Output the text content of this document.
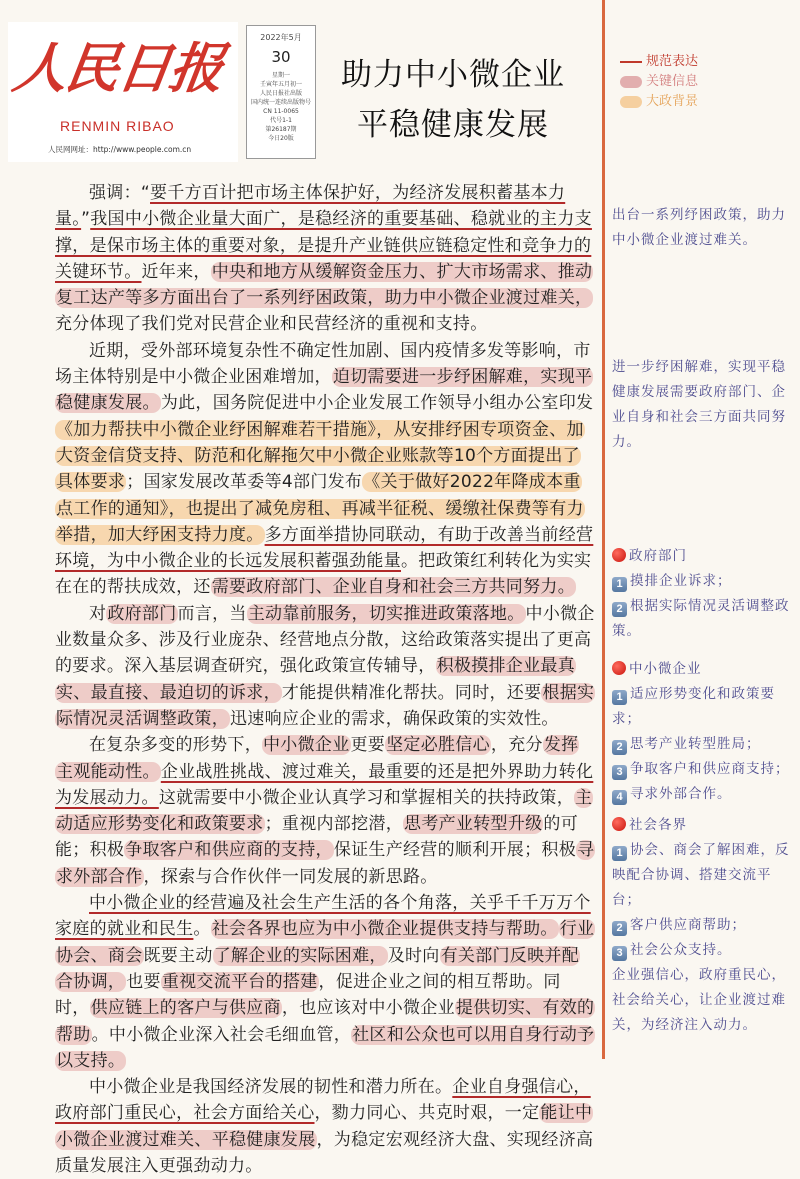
人民日报
RENMIN RIBAO
人民网网址：http://www.people.com.cn
2022年5月
30
星期一
壬寅年五月初一
人民日报社出版
国内统一连续出版物号
CN 11-0065
代号1-1
第26187期
今日20版
助力中小微企业
平稳健康发展
规范表达
关键信息
大政背景

强调：“要千方百计把市场主体保护好，为经济发展积蓄基本力量。”我国中小微企业量大面广，是稳经济的重要基础、稳就业的主力支撑，是保市场主体的重要对象，是提升产业链供应链稳定性和竞争力的关键环节。近年来，中央和地方从缓解资金压力、扩大市场需求、推动复工达产等多方面出台了一系列纾困政策，助力中小微企业渡过难关，充分体现了我们党对民营企业和民营经济的重视和支持。

近期，受外部环境复杂性不确定性加剧、国内疫情多发等影响，市场主体特别是中小微企业困难增加，迫切需要进一步纾困解难，实现平稳健康发展。为此，国务院促进中小企业发展工作领导小组办公室印发《加力帮扶中小微企业纾困解难若干措施》，从安排纾困专项资金、加大资金信贷支持、防范和化解拖欠中小微企业账款等10个方面提出了具体要求；国家发展改革委等4部门发布《关于做好2022年降成本重点工作的通知》，也提出了减免房租、再减半征税、缓缴社保费等有力举措，加大纾困支持力度。多方面举措协同联动，有助于改善当前经营环境，为中小微企业的长远发展积蓄强劲能量。把政策红利转化为实实在在的帮扶成效，还需要政府部门、企业自身和社会三方共同努力。

对政府部门而言，当主动靠前服务，切实推进政策落地。中小微企业数量众多、涉及行业庞杂、经营地点分散，这给政策落实提出了更高的要求。深入基层调查研究，强化政策宣传辅导，积极摸排企业最真实、最直接、最迫切的诉求，才能提供精准化帮扶。同时，还要根据实际情况灵活调整政策，迅速响应企业的需求，确保政策的实效性。

在复杂多变的形势下，中小微企业更要坚定必胜信心，充分发挥主观能动性。企业战胜挑战、渡过难关，最重要的还是把外界助力转化为发展动力。这就需要中小微企业认真学习和掌握相关的扶持政策，主动适应形势变化和政策要求；重视内部挖潜，思考产业转型升级的可能；积极争取客户和供应商的支持，保证生产经营的顺利开展；积极寻求外部合作，探索与合作伙伴一同发展的新思路。

中小微企业的经营遍及社会生产生活的各个角落，关乎千千万万个家庭的就业和民生。社会各界也应为中小微企业提供支持与帮助。 行业协会、商会既要主动了解企业的实际困难，及时向有关部门反映并配合协调，也要重视交流平台的搭建，促进企业之间的相互帮助。同时，供应链上的客户与供应商，也应该对中小微企业提供切实、有效的帮助。中小微企业深入社会毛细血管，社区和公众也可以用自身行动予以支持。

中小微企业是我国经济发展的韧性和潜力所在。企业自身强信心，政府部门重民心，社会方面给关心，勠力同心、共克时艰，一定能让中小微企业渡过难关、平稳健康发展，为稳定宏观经济大盘、实现经济高质量发展注入更强劲动力。

出台一系列纾困政策，助力中小微企业渡过难关。
进一步纾困解难，实现平稳健康发展需要政府部门、企业自身和社会三方面共同努力。
政府部门
1 摸排企业诉求；
2 根据实际情况灵活调整政策。
中小微企业
1 适应形势变化和政策要求；
2 思考产业转型胜局；
3 争取客户和供应商支持；
4 寻求外部合作。
社会各界
1 协会、商会了解困难，反映配合协调、搭建交流平台；
2 客户供应商帮助；
3 社会公众支持。
企业强信心，政府重民心，社会给关心，让企业渡过难关，为经济注入动力。
